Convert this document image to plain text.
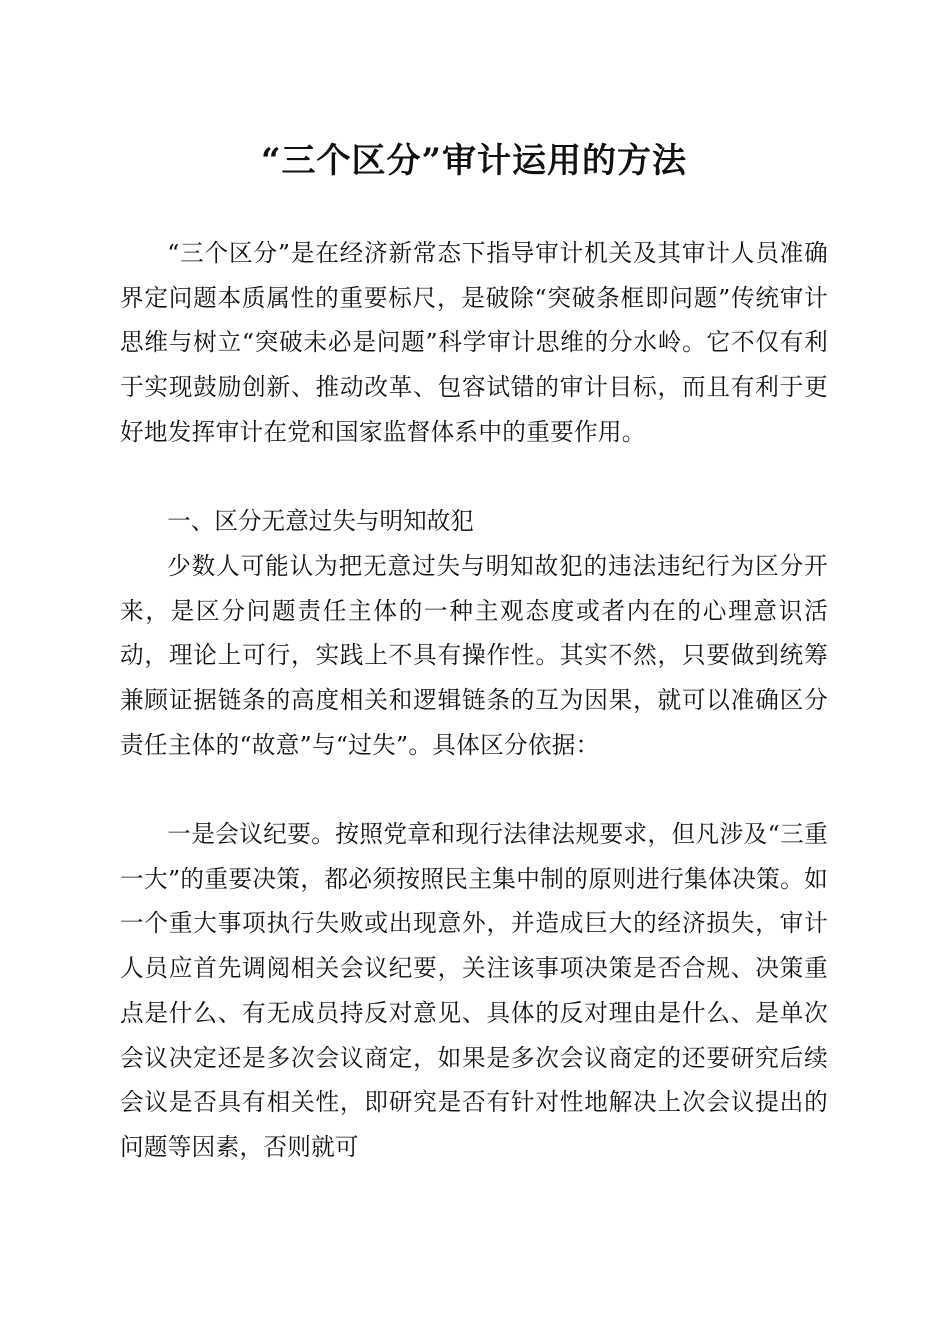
“三个区分”审计运用的方法

“三个区分”是在经济新常态下指导审计机关及其审计人员准确界定问题本质属性的重要标尺，是破除“突破条框即问题”传统审计思维与树立“突破未必是问题”科学审计思维的分水岭。它不仅有利于实现鼓励创新、推动改革、包容试错的审计目标，而且有利于更好地发挥审计在党和国家监督体系中的重要作用。

一、区分无意过失与明知故犯

少数人可能认为把无意过失与明知故犯的违法违纪行为区分开来，是区分问题责任主体的一种主观态度或者内在的心理意识活动，理论上可行，实践上不具有操作性。其实不然，只要做到统筹兼顾证据链条的高度相关和逻辑链条的互为因果，就可以准确区分责任主体的“故意”与“过失”。具体区分依据：

一是会议纪要。按照党章和现行法律法规要求，但凡涉及“三重一大”的重要决策，都必须按照民主集中制的原则进行集体决策。如一个重大事项执行失败或出现意外，并造成巨大的经济损失，审计人员应首先调阅相关会议纪要，关注该事项决策是否合规、决策重点是什么、有无成员持反对意见、具体的反对理由是什么、是单次会议决定还是多次会议商定，如果是多次会议商定的还要研究后续会议是否具有相关性，即研究是否有针对性地解决上次会议提出的问题等因素，否则就可
